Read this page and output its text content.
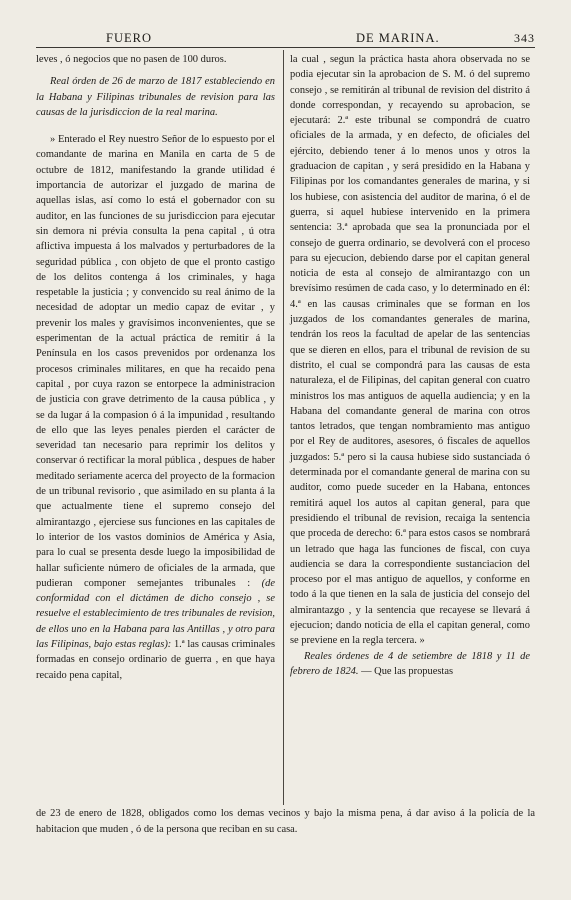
FUERO	DE MARINA.	343

leves , ó negocios que no pasen de 100 duros.

Real órden de 26 de marzo de 1817 estableciendo en la Habana y Filipinas tribunales de revision para las causas de la jurisdiccion de la real marina.

» Enterado el Rey nuestro Señor de lo espuesto por el comandante de marina en Manila en carta de 5 de octubre de 1812, manifestando la grande utilidad é importancia de autorizar el juzgado de marina de aquellas islas, así como lo está el gobernador con su auditor, en las funciones de su jurisdiccion para ejecutar sin demora ni prévia consulta la pena capital , ú otra aflictiva impuesta á los malvados y perturbadores de la seguridad pública , con objeto de que el pronto castigo de los delitos contenga á los criminales, y haga respetable la justicia ; y convencido su real ánimo de la necesidad de adoptar un medio capaz de evitar , y prevenir los males y gravísimos inconvenientes, que se esperimentan de la actual práctica de remitir á la Península en los casos prevenidos por ordenanza los procesos criminales militares, en que ha recaido pena capital , por cuya razon se entorpece la administracion de justicia con grave detrimento de la causa pública , y se da lugar á la compasion ó á la impunidad , resultando de ello que las leyes penales pierden el carácter de severidad tan necesario para reprimir los delitos y conservar ó rectificar la moral pública , despues de haber meditado seriamente acerca del proyecto de la formacion de un tribunal revisorio , que asimilado en su planta á la que actualmente tiene el supremo consejo del almirantazgo , ejerciese sus funciones en las capitales de lo interior de los vastos dominios de América y Asia, para lo cual se presenta desde luego la imposibilidad de hallar suficiente número de oficiales de la armada, que pudieran componer semejantes tribunales : (de conformidad con el dictámen de dicho consejo , se resuelve el establecimiento de tres tribunales de revision, de ellos uno en la Habana para las Antillas , y otro para las Filipinas, bajo estas reglas): 1.ª las causas criminales formadas en consejo ordinario de guerra , en que haya recaido pena capital,

la cual , segun la práctica hasta ahora observada no se podia ejecutar sin la aprobacion de S. M. ó del supremo consejo , se remitirán al tribunal de revision del distrito á donde correspondan, y recayendo su aprobacion, se ejecutará: 2.ª este tribunal se compondrá de cuatro oficiales de la armada, y en defecto, de oficiales del ejército, debiendo tener á lo menos unos y otros la graduacion de capitan , y será presidido en la Habana y Filipinas por los comandantes generales de marina, y si los hubiese, con asistencia del auditor de marina, ó el de guerra, si aquel hubiese intervenido en la primera sentencia: 3.ª aprobada que sea la pronunciada por el consejo de guerra ordinario, se devolverá con el proceso para su ejecucion, debiendo darse por el capitan general noticia de esta al consejo de almirantazgo con un brevísimo resúmen de cada caso, y lo determinado en él: 4.ª en las causas criminales que se forman en los juzgados de los comandantes generales de marina, tendrán los reos la facultad de apelar de las sentencias que se dieren en ellos, para el tribunal de revision de su distrito, el cual se compondrá para las causas de esta naturaleza, el de Filipinas, del capitan general con cuatro ministros los mas antiguos de aquella audiencia; y en la Habana del comandante general de marina con otros tantos letrados, que tengan nombramiento mas antiguo por el Rey de auditores, asesores, ó fiscales de aquellos juzgados: 5.ª pero si la causa hubiese sido sustanciada ó determinada por el comandante general de marina con su auditor, como puede suceder en la Habana, entonces remitirá aquel los autos al capitan general, para que presidiendo el tribunal de revision, recaiga la sentencia que proceda de derecho: 6.ª para estos casos se nombrará un letrado que haga las funciones de fiscal, con cuya audiencia se dara la correspondiente sustanciacion del proceso por el mas antiguo de aquellos, y conforme en todo á la que tienen en la sala de justicia del consejo del almirantazgo , y la sentencia que recayese se llevará á ejecucion; dando noticia de ella el capitan general, como se previene en la regla tercera. »

Reales órdenes de 4 de setiembre de 1818 y 11 de febrero de 1824. — Que las propuestas

de 23 de enero de 1828, obligados como los demas vecinos y bajo la misma pena, á dar aviso á la policía de la habitacion que muden , ó de la persona que reciban en su casa.
